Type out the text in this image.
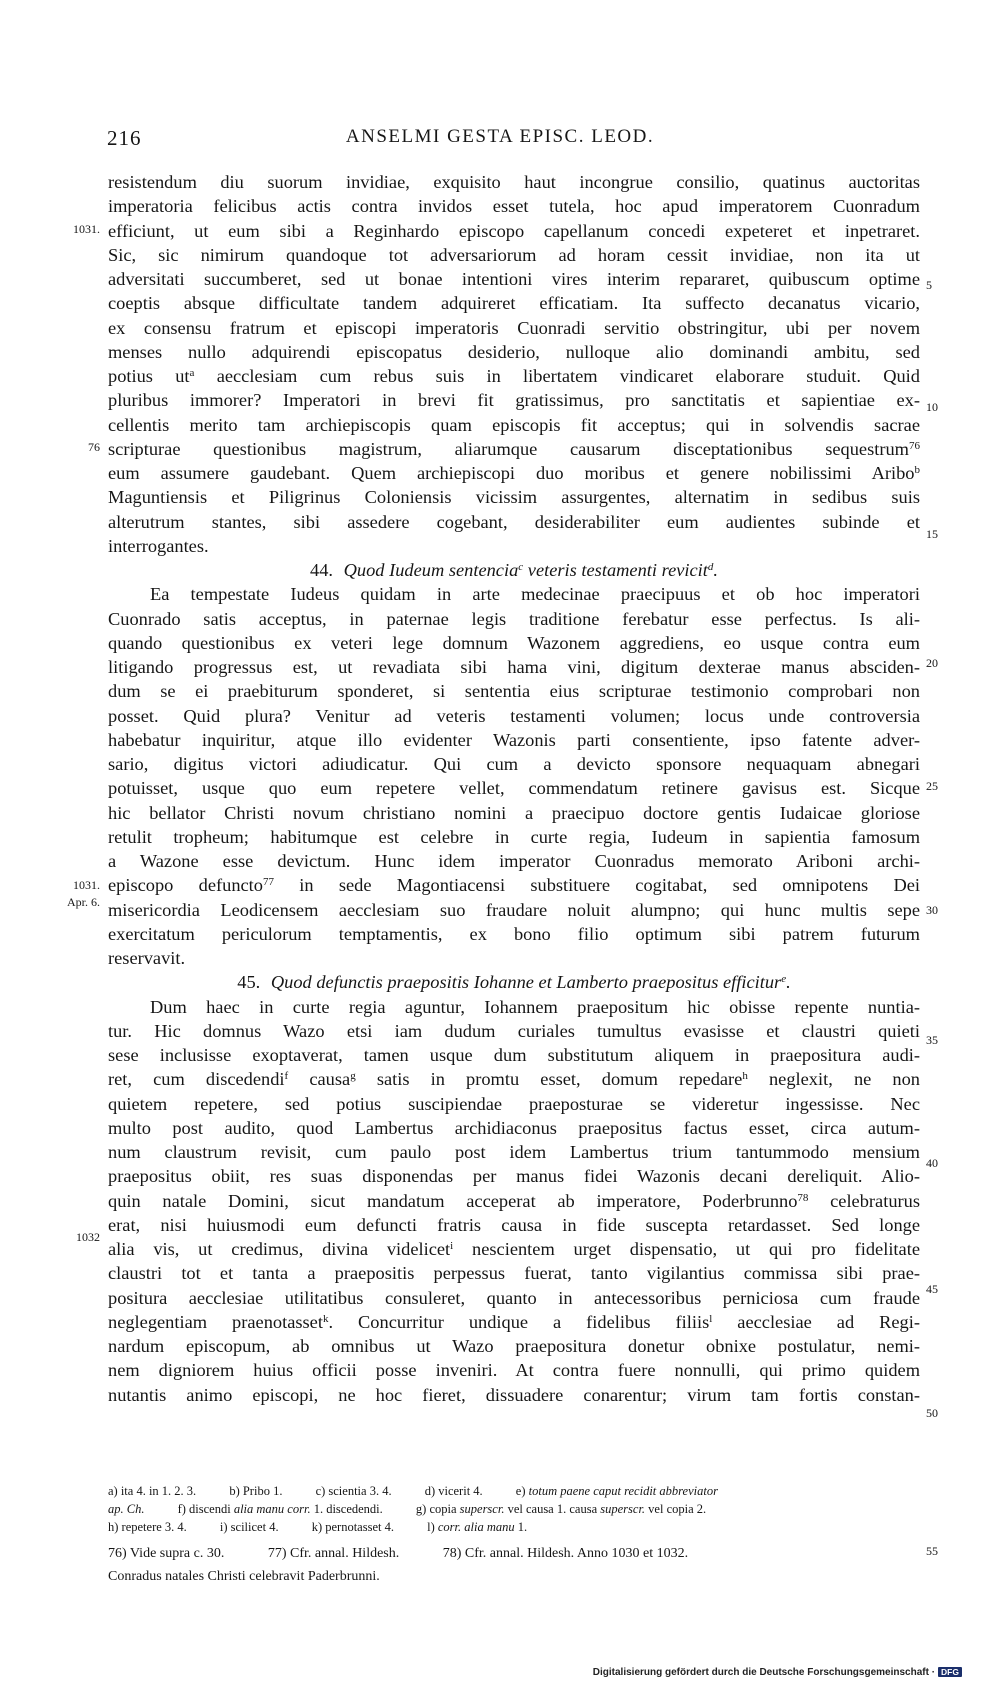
216	ANSELMI GESTA EPISC. LEOD.
resistendum diu suorum invidiae, exquisito haut incongrue consilio, quatinus auctoritas
imperatoria felicibus actis contra invidos esset tutela, hoc apud imperatorem Cuonradum
efficiunt, ut eum sibi a Reginhardo episcopo capellanum concedi expeteret et inpetraret.
Sic, sic nimirum quandoque tot adversariorum ad horam cessit invidiae, non ita ut
adversitati succumberet, sed ut bonae intentioni vires interim repararet, quibuscum optime
coeptis absque difficultate tandem adquireret efficatiam. Ita suffecto decanatus vicario,
ex consensu fratrum et episcopi imperatoris Cuonradi servitio obstringitur, ubi per novem
menses nullo adquirendi episcopatus desiderio, nulloque alio dominandi ambitu, sed
potius $ut^a$ aecclesiam cum rebus suis in libertatem vindicaret elaborare studuit. Quid
pluribus immorer? Imperatori in brevi fit gratissimus, pro sanctitatis et sapientiae ex-
cellentis merito tam archiepiscopis quam episcopis fit acceptus; qui in solvendis sacrae
scripturae questionibus magistrum, aliarumque causarum disceptationibus sequestrum$^{76}$
eum assumere gaudebant. Quem archiepiscopi duo moribus et genere nobilissimi Aribo$^b$
Maguntiensis et Piligrinus Coloniensis vicissim assurgentes, alternatim in sedibus suis
alterutrum stantes, sibi assedere cogebant, desiderabiliter eum audientes subinde et
interrogantes.
44. Quod Iudeum sentencia$^c$ veteris testamenti revicit$^d$.
Ea tempestate Iudeus quidam in arte medecinae praecipuus et ob hoc imperatori
Cuonrado satis acceptus, in paternae legis traditione ferebatur esse perfectus. Is ali-
quando questionibus ex veteri lege domnum Wazonem aggrediens, eo usque contra eum
litigando progressus est, ut revadiata sibi hama vini, digitum dexterae manus absciden-
dum se ei praebiturum sponderet, si sententia eius scripturae testimonio comprobari non
posset. Quid plura? Venitur ad veteris testamenti volumen; locus unde controversia
habebatur inquiritur, atque illo evidenter Wazonis parti consentiente, ipso fatente adver-
sario, digitus victori adiudicatur. Qui cum a devicto sponsore nequaquam abnegari
potuisset, usque quo eum repetere vellet, commendatum retinere gavisus est. Sicque
hic bellator Christi novum christiano nomini a praecipuo doctore gentis Iudaicae gloriose
retulit tropheum; habitumque est celebre in curte regia, Iudeum in sapientia famosum
a Wazone esse devictum. Hunc idem imperator Cuonradus memorato Ariboni archi-
episcopo defuncto$^{77}$ in sede Magontiacensi substituere cogitabat, sed omnipotens Dei
misericordia Leodicensem aecclesiam suo fraudare noluit alumpno; qui hunc multis sepe
exercitatum periculorum temptamentis, ex bono filio optimum sibi patrem futurum
reservavit.
45. Quod defunctis praepositis Iohanne et Lamberto praepositus efficitur$^e$.
Dum haec in curte regia aguntur, Iohannem praepositum hic obisse repente nuntia-
tur. Hic domnus Wazo etsi iam dudum curiales tumultus evasisse et claustri quieti
sese inclusisse exoptaverat, tamen usque dum substitutum aliquem in praepositura audi-
ret, cum discedendi$^f$ causa$^g$ satis in promtu esset, domum repedare$^h$ neglexit, ne non
quietem repetere, sed potius suscipiendae praeposturae se videretur ingessisse. Nec
multo post audito, quod Lambertus archidiaconus praepositus factus esset, circa autum-
num claustrum revisit, cum paulo post idem Lambertus trium tantummodo mensium
praepositus obiit, res suas disponendas per manus fidei Wazonis decani dereliquit. Alio-
quin natale Domini, sicut mandatum acceperat ab imperatore, Poderbrunno$^{78}$ celebraturus
erat, nisi huiusmodi eum defuncti fratris causa in fide suscepta retardasset. Sed longe
alia vis, ut credimus, divina videlicet$^i$ nescientem urget dispensatio, ut qui pro fidelitate
claustri tot et tanta a praepositis perpessus fuerat, tanto vigilantius commissa sibi prae-
positura aecclesiae utilitatibus consuleret, quanto in antecessoribus perniciosa cum fraude
neglegentiam praenotasset$^k$. Concurritur undique a fidelibus filiis$^l$ aecclesiae ad Regi-
nardum episcopum, ab omnibus ut Wazo praepositura donetur obnixe postulatur, nemi-
nem digniorem huius officii posse inveniri. At contra fuere nonnulli, qui primo quidem
nutantis animo episcopi, ne hoc fieret, dissuadere conarentur; virum tam fortis constan-
1031.
76
1031.
Apr. 6.
1032
5
10
15
20
25
30
35
40
45
50
55
a) ita 4. in 1. 2. 3.	b) Pribo 1.	c) scientia 3. 4.	d) vicerit 4.	e) totum paene caput recidit abbreviator
ap. Ch.	f) discendi alia manu corr. 1. discedendi.	g) copia superscr. vel causa 1. causa superscr. vel copia 2.
h) repetere 3. 4.	i) scilicet 4.	k) pernotasset 4.	l) corr. alia manu 1.
76) Vide supra c. 30.	77) Cfr. annal. Hildesh.	78) Cfr. annal. Hildesh. Anno 1030 et 1032.
Conradus natales Christi celebravit Paderbrunni.
Digitalisierung gefördert durch die Deutsche Forschungsgemeinschaft · DFG
